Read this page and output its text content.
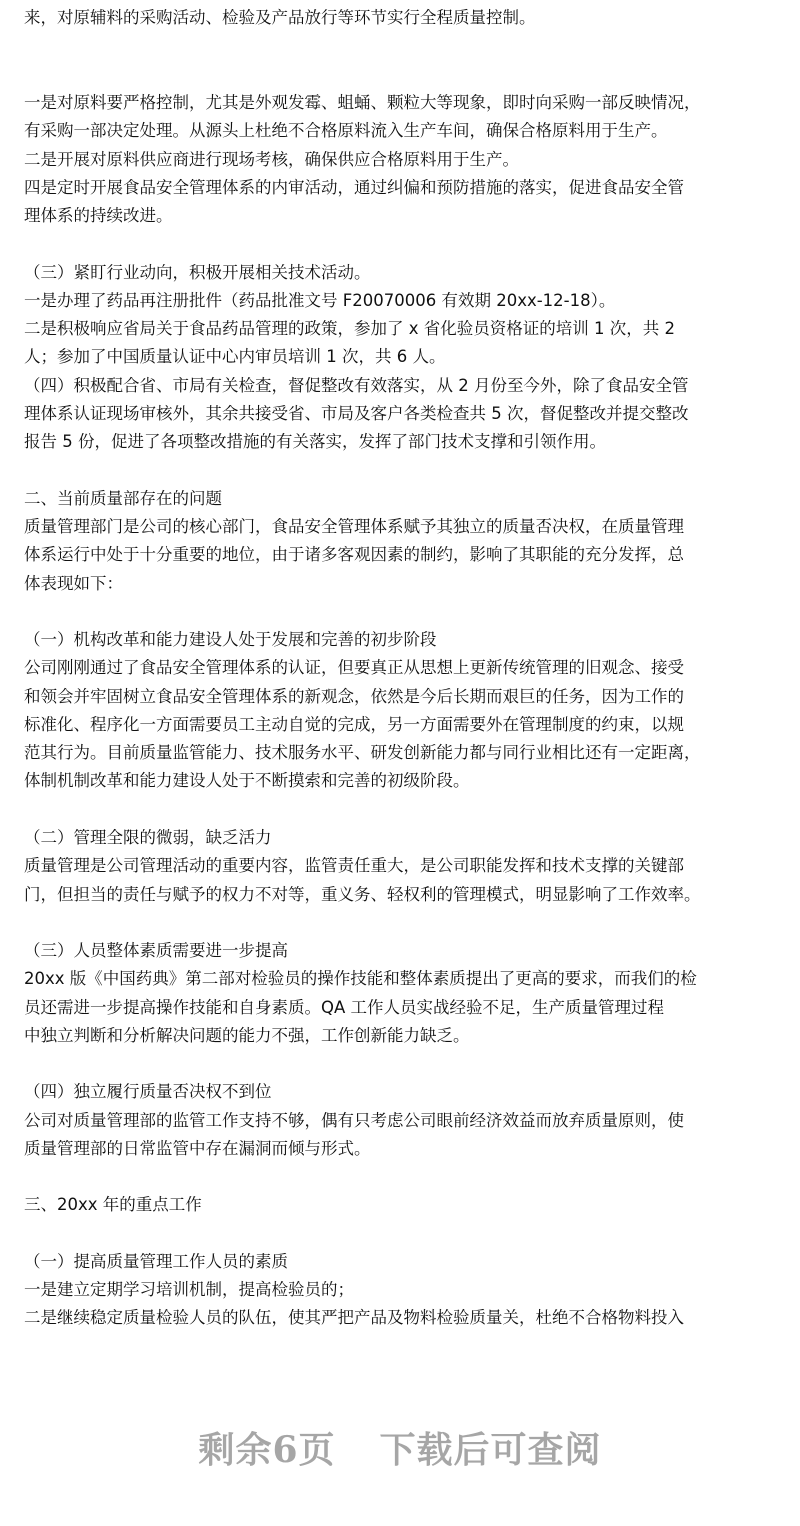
来，对原辅料的采购活动、检验及产品放行等环节实行全程质量控制。
一是对原料要严格控制，尤其是外观发霉、蛆蛹、颗粒大等现象，即时向采购一部反映情况，
有采购一部决定处理。从源头上杜绝不合格原料流入生产车间，确保合格原料用于生产。
二是开展对原料供应商进行现场考核，确保供应合格原料用于生产。
四是定时开展食品安全管理体系的内审活动，通过纠偏和预防措施的落实，促进食品安全管
理体系的持续改进。
（三）紧盯行业动向，积极开展相关技术活动。
一是办理了药品再注册批件（药品批准文号 F20070006 有效期 20xx-12-18）。
二是积极响应省局关于食品药品管理的政策，参加了 x 省化验员资格证的培训 1 次，共 2
人；参加了中国质量认证中心内审员培训 1 次，共 6 人。
（四）积极配合省、市局有关检查，督促整改有效落实，从 2 月份至今外，除了食品安全管
理体系认证现场审核外，其余共接受省、市局及客户各类检查共 5 次，督促整改并提交整改
报告 5 份，促进了各项整改措施的有关落实，发挥了部门技术支撑和引领作用。
二、当前质量部存在的问题
质量管理部门是公司的核心部门，食品安全管理体系赋予其独立的质量否决权，在质量管理
体系运行中处于十分重要的地位，由于诸多客观因素的制约，影响了其职能的充分发挥，总
体表现如下：
（一）机构改革和能力建设人处于发展和完善的初步阶段
公司刚刚通过了食品安全管理体系的认证，但要真正从思想上更新传统管理的旧观念、接受
和领会并牢固树立食品安全管理体系的新观念，依然是今后长期而艰巨的任务，因为工作的
标准化、程序化一方面需要员工主动自觉的完成，另一方面需要外在管理制度的约束，以规
范其行为。目前质量监管能力、技术服务水平、研发创新能力都与同行业相比还有一定距离，
体制机制改革和能力建设人处于不断摸索和完善的初级阶段。
（二）管理全限的微弱，缺乏活力
质量管理是公司管理活动的重要内容，监管责任重大，是公司职能发挥和技术支撑的关键部
门，但担当的责任与赋予的权力不对等，重义务、轻权利的管理模式，明显影响了工作效率。
（三）人员整体素质需要进一步提高
20xx 版《中国药典》第二部对检验员的操作技能和整体素质提出了更高的要求，而我们的检
员还需进一步提高操作技能和自身素质。QA 工作人员实战经验不足，生产质量管理过程
中独立判断和分析解决问题的能力不强，工作创新能力缺乏。
（四）独立履行质量否决权不到位
公司对质量管理部的监管工作支持不够，偶有只考虑公司眼前经济效益而放弃质量原则，使
质量管理部的日常监管中存在漏洞而倾与形式。
三、20xx 年的重点工作
（一）提高质量管理工作人员的素质
一是建立定期学习培训机制，提高检验员的；
二是继续稳定质量检验人员的队伍，使其严把产品及物料检验质量关，杜绝不合格物料投入
剩余6页 下载后可查阅
